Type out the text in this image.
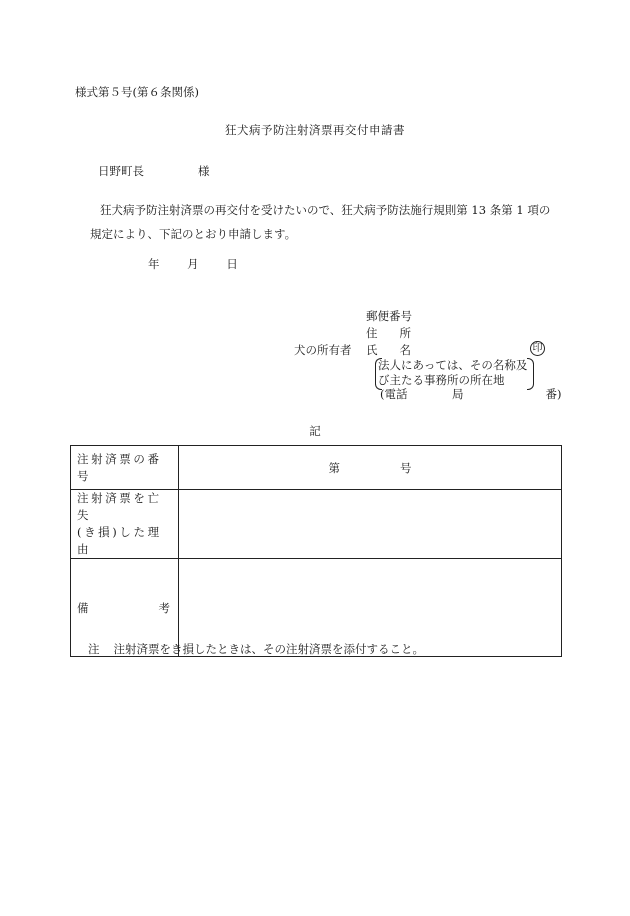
様式第５号(第６条関係)
狂犬病予防注射済票再交付申請書
日野町長	様

狂犬病予防注射済票の再交付を受けたいので、狂犬病予防法施行規則第 13 条第 1 項の

規定により、下記のとおり申請します。

年 月 日
犬の所有者
郵便番号
住 所
氏 名	印
法人にあっては、その名称及
び主たる事務所の所在地
(電話	局	番)
記
注射済票の番号	第 号

注射済票を亡失
(き損)した理由	

備 考	

注 注射済票をき損したときは、その注射済票を添付すること。
